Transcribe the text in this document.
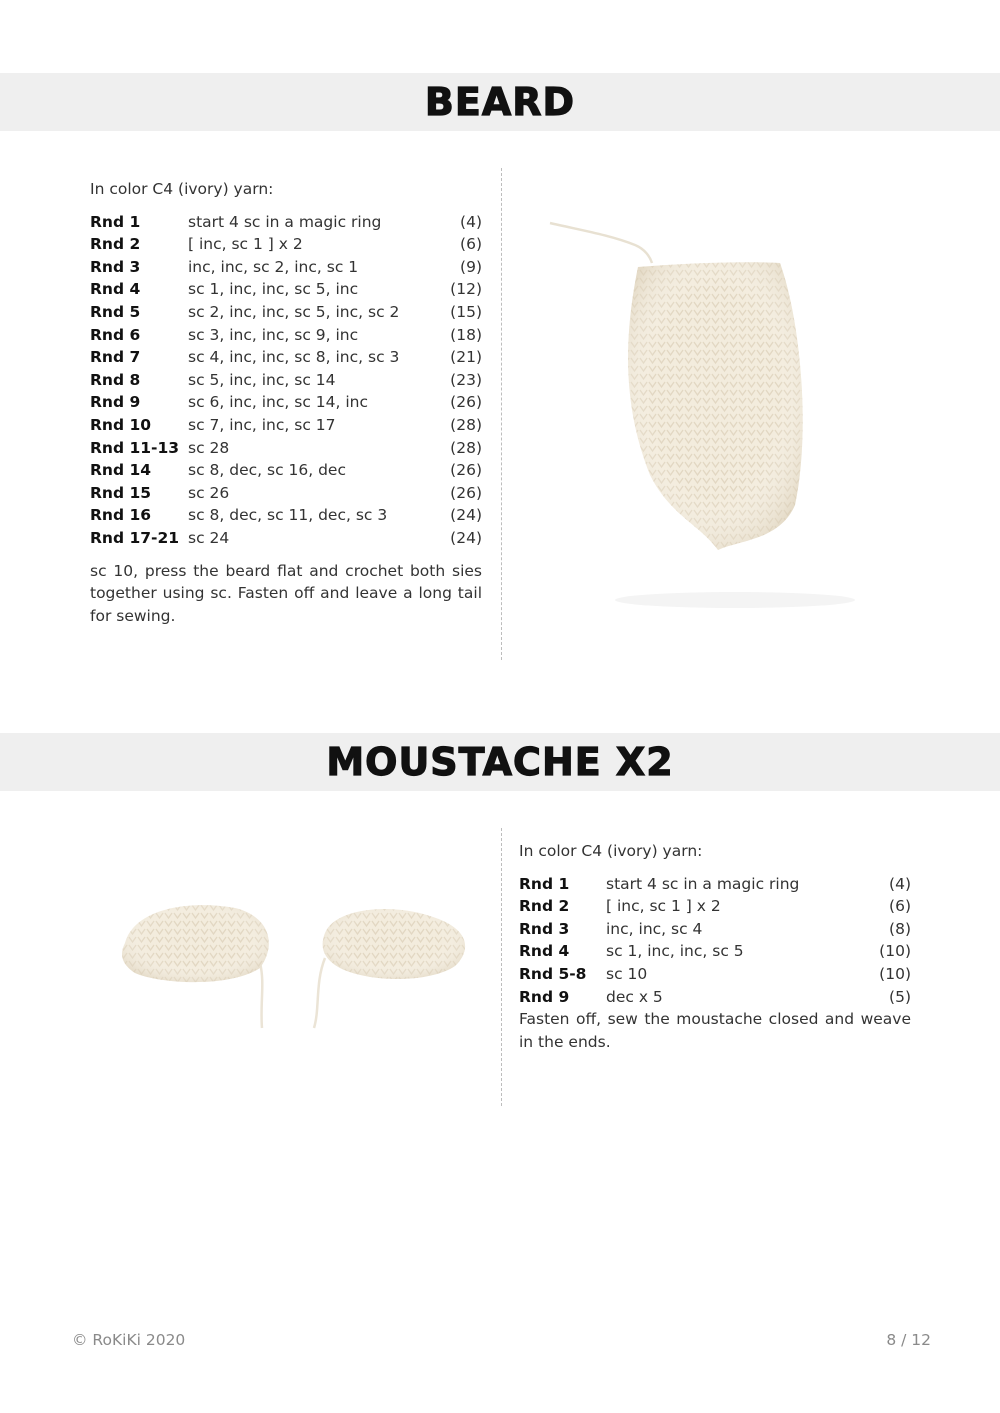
BEARD

In color C4 (ivory) yarn:

Rnd 1	start 4 sc in a magic ring	(4)
Rnd 2	[ inc, sc 1 ] x 2	(6)
Rnd 3	inc, inc, sc 2, inc, sc 1	(9)
Rnd 4	sc 1, inc, inc, sc 5, inc	(12)
Rnd 5	sc 2, inc, inc, sc 5, inc, sc 2	(15)
Rnd 6	sc 3, inc, inc, sc 9, inc	(18)
Rnd 7	sc 4, inc, inc, sc 8, inc, sc 3	(21)
Rnd 8	sc 5, inc, inc, sc 14	(23)
Rnd 9	sc 6, inc, inc, sc 14, inc	(26)
Rnd 10	sc 7, inc, inc, sc 17	(28)
Rnd 11-13	sc 28	(28)
Rnd 14	sc 8, dec, sc 16, dec	(26)
Rnd 15	sc 26	(26)
Rnd 16	sc 8, dec, sc 11, dec, sc 3	(24)
Rnd 17-21	sc 24	(24)

sc 10, press the beard flat and crochet both sies together using sc. Fasten off and leave a long tail for sewing.

MOUSTACHE X2

In color C4 (ivory) yarn:

Rnd 1	start 4 sc in a magic ring	(4)
Rnd 2	[ inc, sc 1 ] x 2	(6)
Rnd 3	inc, inc, sc 4	(8)
Rnd 4	sc 1, inc, inc, sc 5	(10)
Rnd 5-8	sc 10	(10)
Rnd 9	dec x 5	(5)

Fasten off, sew the moustache closed and weave in the ends.

© RoKiKi 2020	8 / 12
